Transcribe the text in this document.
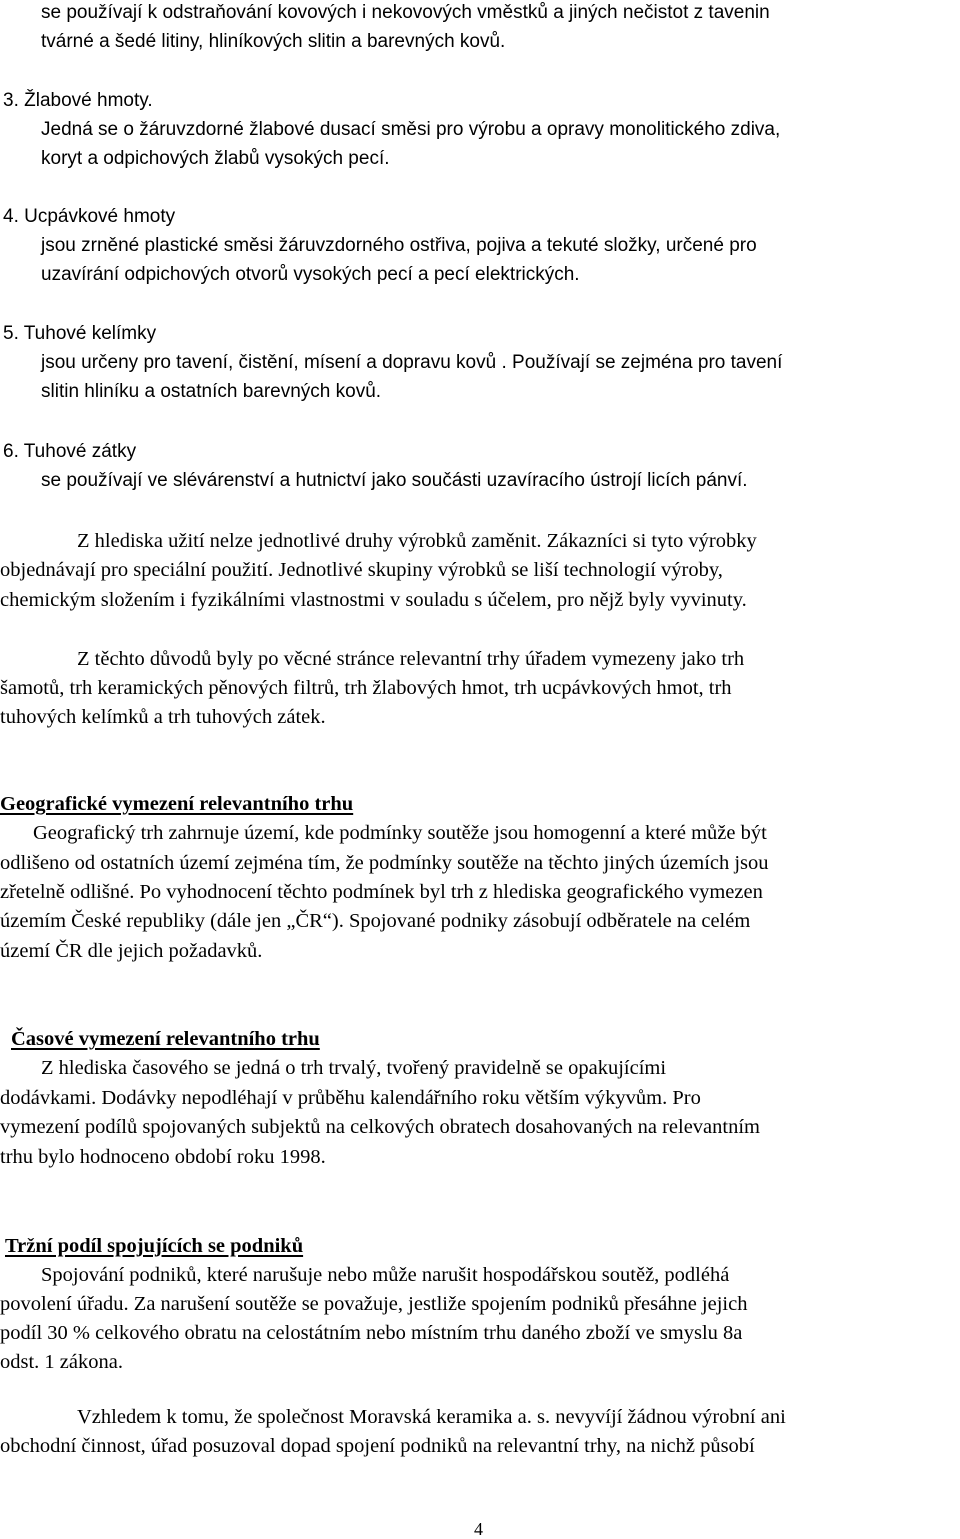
se používají k odstraňování kovových i nekovových vměstků a jiných nečistot z tavenin
tvárné a šedé litiny, hliníkových slitin a barevných kovů.
3. Žlabové hmoty.
Jedná se o žáruvzdorné žlabové dusací směsi pro výrobu a opravy monolitického zdiva,
koryt a odpichových žlabů vysokých pecí.
4. Ucpávkové hmoty
jsou zrněné plastické směsi žáruvzdorného ostřiva, pojiva a tekuté složky, určené pro
uzavírání odpichových otvorů vysokých pecí a pecí elektrických.
5. Tuhové kelímky
jsou určeny pro tavení, čistění, mísení a dopravu kovů . Používají se zejména pro tavení
slitin hliníku a ostatních barevných kovů.
6. Tuhové zátky
se používají ve slévárenství a hutnictví jako součásti uzavíracího ústrojí licích pánví.
Z hlediska užití nelze jednotlivé druhy výrobků zaměnit. Zákazníci si tyto výrobky
objednávají pro speciální použití. Jednotlivé skupiny výrobků se liší technologií výroby,
chemickým složením i fyzikálními vlastnostmi v souladu s účelem, pro nějž byly vyvinuty.
Z těchto důvodů byly po věcné stránce relevantní trhy úřadem vymezeny jako trh
šamotů, trh keramických pěnových filtrů, trh žlabových hmot, trh ucpávkových hmot, trh
tuhových kelímků a trh tuhových zátek.
Geografické vymezení relevantního trhu
Geografický trh zahrnuje území, kde podmínky soutěže jsou homogenní a které může být
odlišeno od ostatních území zejména tím, že podmínky soutěže na těchto jiných územích jsou
zřetelně odlišné. Po vyhodnocení těchto podmínek byl trh z hlediska geografického vymezen
územím České republiky (dále jen „ČR“). Spojované podniky zásobují odběratele na celém
území ČR dle jejich požadavků.
Časové vymezení relevantního trhu
Z hlediska časového se jedná o trh trvalý, tvořený pravidelně se opakujícími
dodávkami. Dodávky nepodléhají v průběhu kalendářního roku větším výkyvům. Pro
vymezení podílů spojovaných subjektů na celkových obratech dosahovaných na relevantním
trhu bylo hodnoceno období roku 1998.
Tržní podíl spojujících se podniků
Spojování podniků, které narušuje nebo může narušit hospodářskou soutěž, podléhá
povolení úřadu. Za narušení soutěže se považuje, jestliže spojením podniků přesáhne jejich
podíl 30 % celkového obratu na celostátním nebo místním trhu daného zboží ve smyslu 8a
odst. 1 zákona.
Vzhledem k tomu, že společnost Moravská keramika a. s. nevyvíjí žádnou výrobní ani
obchodní činnost, úřad posuzoval dopad spojení podniků na relevantní trhy, na nichž působí
4
